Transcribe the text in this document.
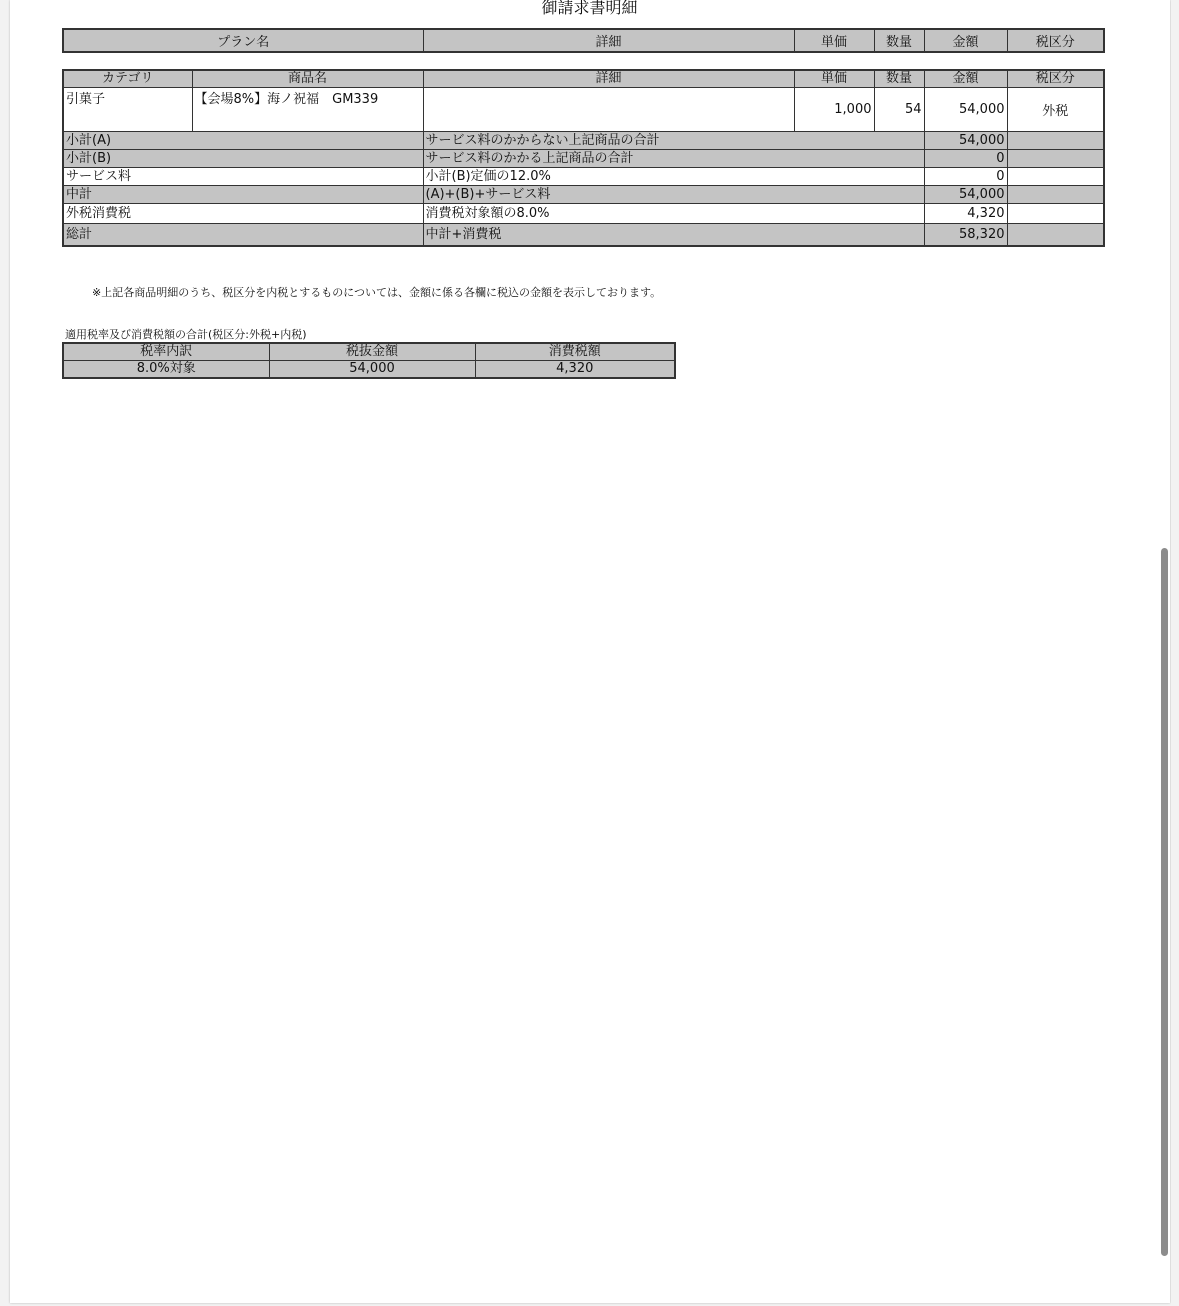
御請求書明細
プラン名	詳細	単価	数量	金額	税区分
カテゴリ	商品名	詳細	単価	数量	金額	税区分
引菓子	【会場8%】海ノ祝福　GM339		1,000	54	54,000	外税
小計(A)		サービス料のかからない上記商品の合計			54,000	
小計(B)		サービス料のかかる上記商品の合計			0	
サービス料		小計(B)定価の12.0%			0	
中計		(A)+(B)+サービス料			54,000	
外税消費税		消費税対象額の8.0%			4,320	
総計		中計+消費税			58,320	
※上記各商品明細のうち、税区分を内税とするものについては、金額に係る各欄に税込の金額を表示しております。
適用税率及び消費税額の合計(税区分:外税+内税)
税率内訳	税抜金額	消費税額
8.0%対象	54,000	4,320
